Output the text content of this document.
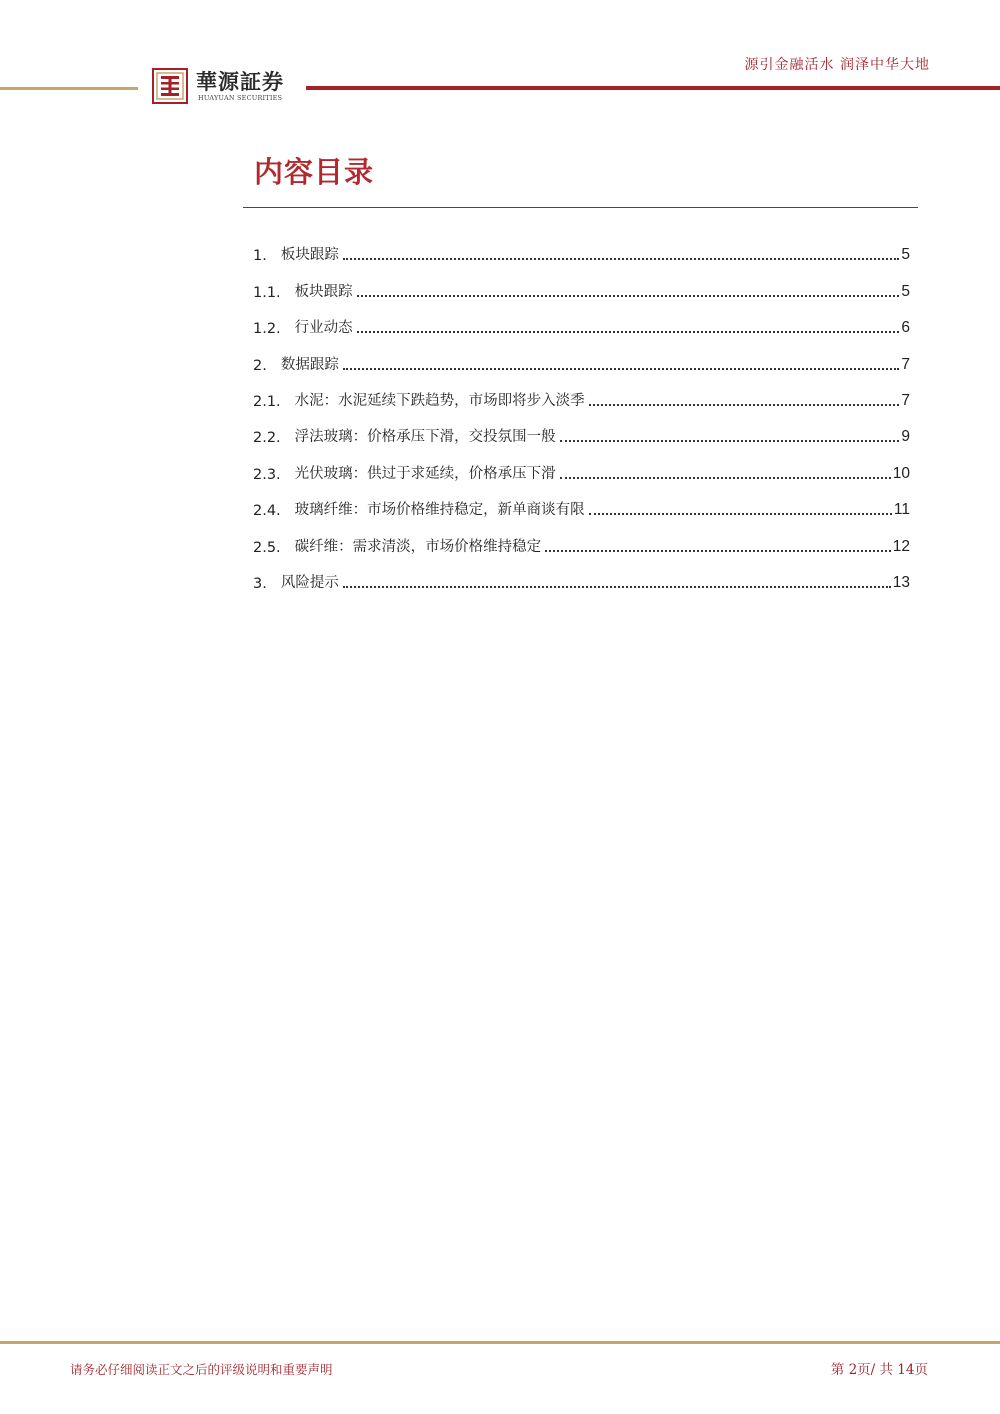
華源証券
HUAYUAN SECURITIES
源引金融活水 润泽中华大地
内容目录
1. 板块跟踪	5
1.1. 板块跟踪	5
1.2. 行业动态	6
2. 数据跟踪	7
2.1. 水泥：水泥延续下跌趋势，市场即将步入淡季	7
2.2. 浮法玻璃：价格承压下滑，交投氛围一般	9
2.3. 光伏玻璃：供过于求延续，价格承压下滑	10
2.4. 玻璃纤维：市场价格维持稳定，新单商谈有限	11
2.5. 碳纤维：需求清淡，市场价格维持稳定	12
3. 风险提示	13
请务必仔细阅读正文之后的评级说明和重要声明	第 2页/ 共 14页
